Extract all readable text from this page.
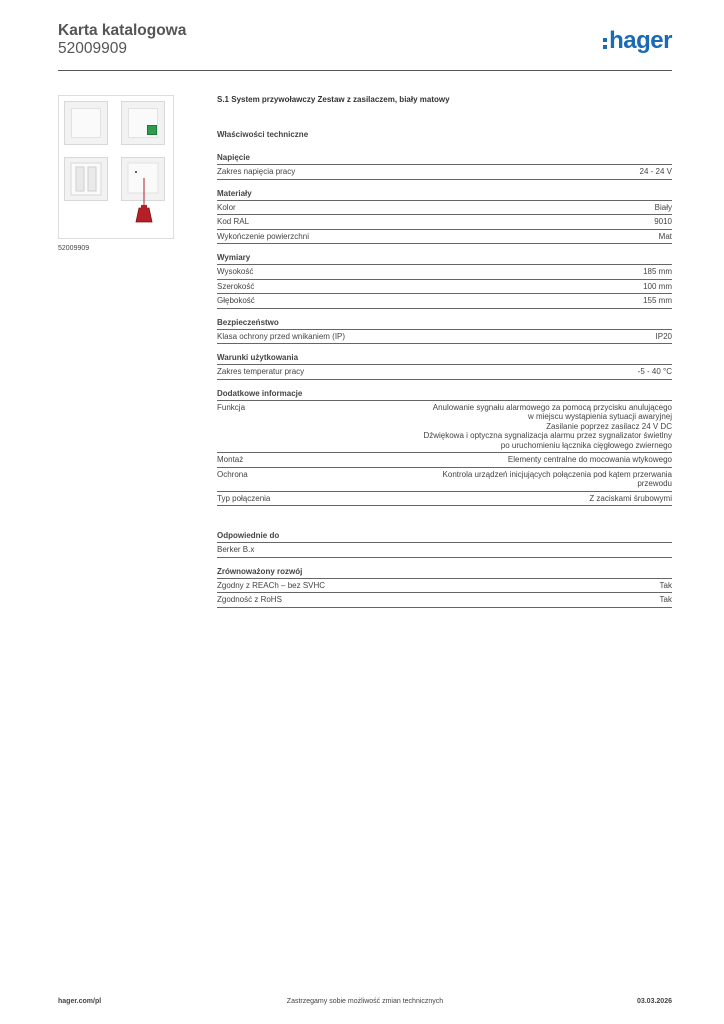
Karta katalogowa
52009909	hager
52009909
S.1 System przywoławczy Zestaw z zasilaczem, biały matowy
Właściwości techniczne
Napięcie
Zakres napięcia pracy	24 - 24 V
Materiały
Kolor	Biały
Kod RAL	9010
Wykończenie powierzchni	Mat
Wymiary
Wysokość	185 mm
Szerokość	100 mm
Głębokość	155 mm
Bezpieczeństwo
Klasa ochrony przed wnikaniem (IP)	IP20
Warunki użytkowania
Zakres temperatur pracy	-5 - 40 °C
Dodatkowe informacje
Funkcja	Anulowanie sygnału alarmowego za pomocą przycisku anulującego
w miejscu wystąpienia sytuacji awaryjnej
Zasilanie poprzez zasilacz 24 V DC
Dźwiękowa i optyczna sygnalizacja alarmu przez sygnalizator świetlny
po uruchomieniu łącznika cięgłowego zwiernego
Montaż	Elementy centralne do mocowania wtykowego
Ochrona	Kontrola urządzeń inicjujących połączenia pod kątem przerwania
przewodu
Typ połączenia	Z zaciskami śrubowymi
Odpowiednie do
Berker B.x
Zrównoważony rozwój
Zgodny z REACh – bez SVHC	Tak
Zgodność z RoHS	Tak
hager.com/pl	Zastrzegamy sobie możliwość zmian technicznych	03.03.2026
